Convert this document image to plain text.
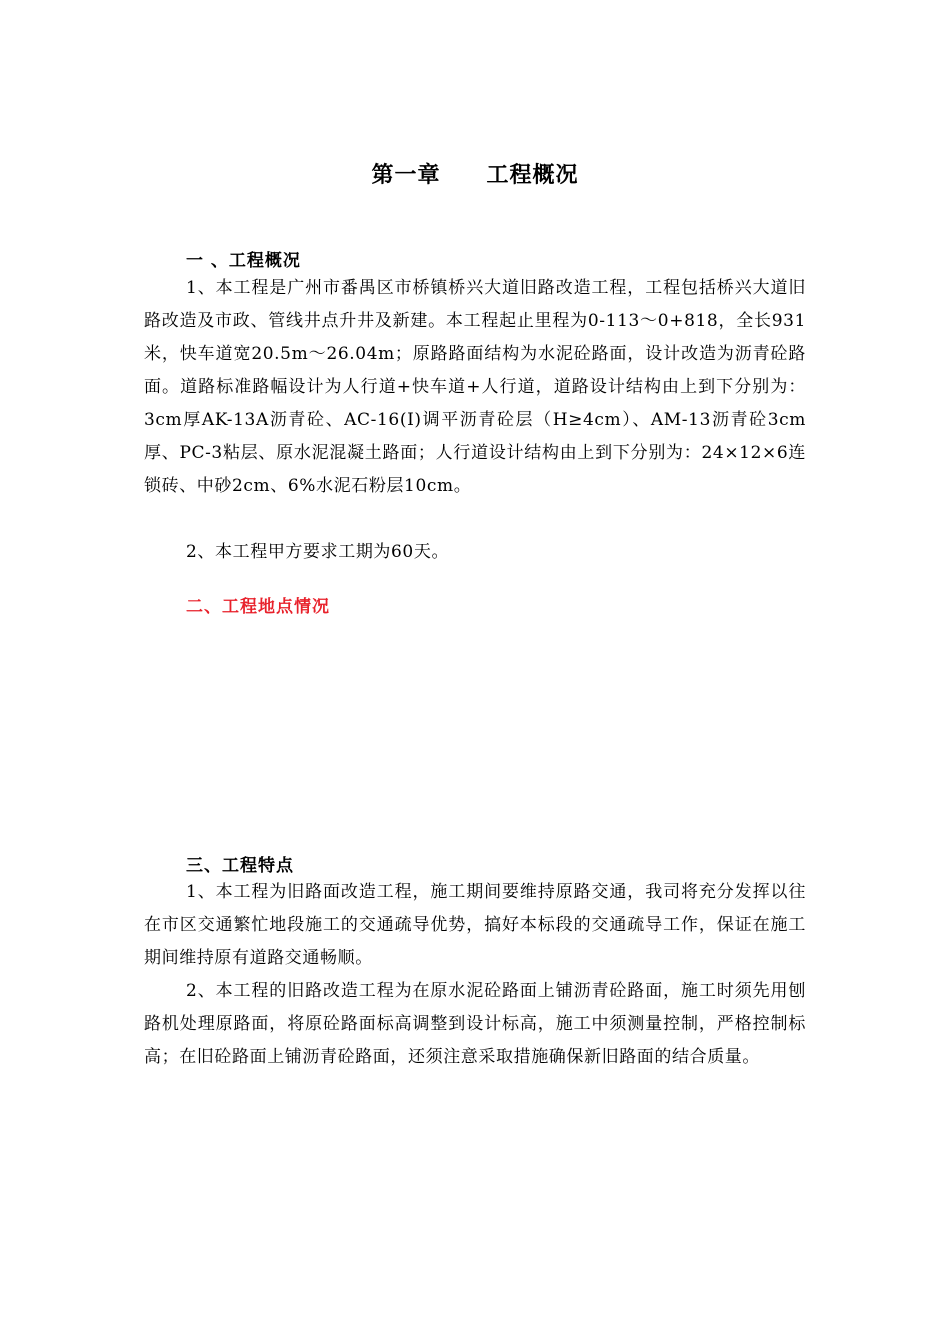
第一章　　工程概况
一 、工程概况

1、本工程是广州市番禺区市桥镇桥兴大道旧路改造工程，工程包括桥兴大道旧路改造及市政、管线井点升井及新建。本工程起止里程为0-113～0+818，全长931米，快车道宽20.5m～26.04m；原路路面结构为水泥砼路面，设计改造为沥青砼路面。道路标准路幅设计为人行道+快车道+人行道，道路设计结构由上到下分别为：3cm厚AK-13A沥青砼、AC-16(I)调平沥青砼层（H≥4cm）、AM-13沥青砼3cm厚、PC-3粘层、原水泥混凝土路面；人行道设计结构由上到下分别为：24×12×6连锁砖、中砂2cm、6%水泥石粉层10cm。

2、本工程甲方要求工期为60天。

二、工程地点情况
三、工程特点

1、本工程为旧路面改造工程，施工期间要维持原路交通，我司将充分发挥以往在市区交通繁忙地段施工的交通疏导优势，搞好本标段的交通疏导工作，保证在施工期间维持原有道路交通畅顺。

2、本工程的旧路改造工程为在原水泥砼路面上铺沥青砼路面，施工时须先用刨路机处理原路面，将原砼路面标高调整到设计标高，施工中须测量控制，严格控制标高；在旧砼路面上铺沥青砼路面，还须注意采取措施确保新旧路面的结合质量。
